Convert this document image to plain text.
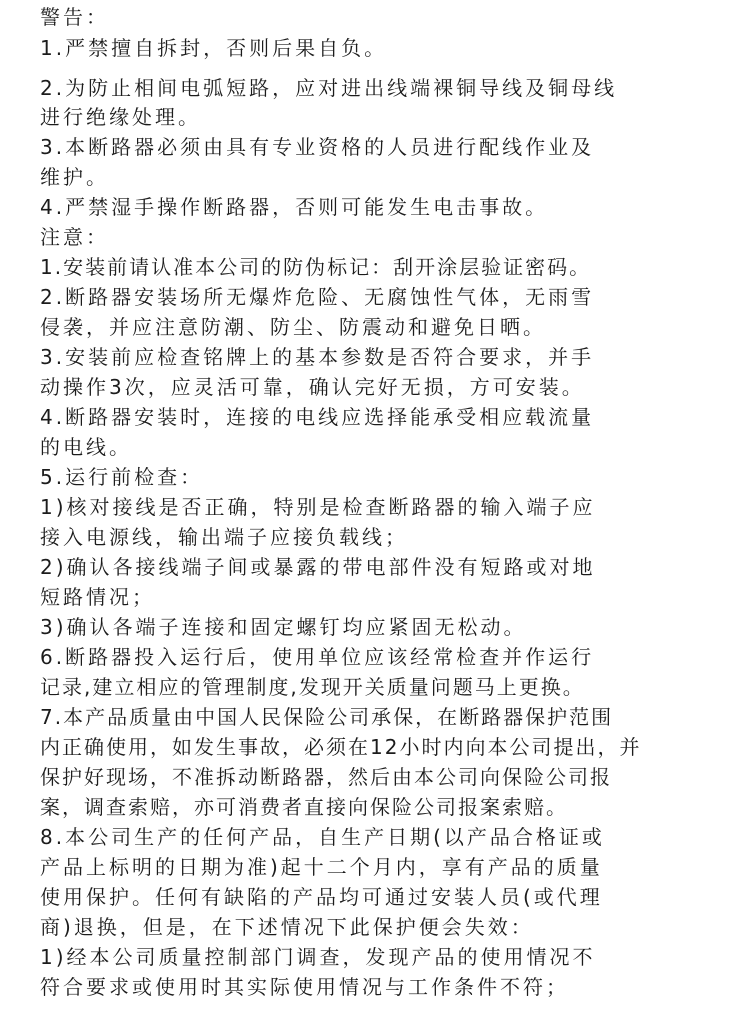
警告：
1.严禁擅自拆封，否则后果自负。
2.为防止相间电弧短路，应对进出线端裸铜导线及铜母线
进行绝缘处理。
3.本断路器必须由具有专业资格的人员进行配线作业及
维护。
4.严禁湿手操作断路器，否则可能发生电击事故。
注意：
1.安装前请认准本公司的防伪标记：刮开涂层验证密码。
2.断路器安装场所无爆炸危险、无腐蚀性气体，无雨雪
侵袭，并应注意防潮、防尘、防震动和避免日晒。
3.安装前应检查铭牌上的基本参数是否符合要求，并手
动操作3次，应灵活可靠，确认完好无损，方可安装。
4.断路器安装时，连接的电线应选择能承受相应载流量
的电线。
5.运行前检查：
1)核对接线是否正确，特别是检查断路器的输入端子应
接入电源线，输出端子应接负载线；
2)确认各接线端子间或暴露的带电部件没有短路或对地
短路情况；
3)确认各端子连接和固定螺钉均应紧固无松动。
6.断路器投入运行后，使用单位应该经常检查并作运行
记录,建立相应的管理制度,发现开关质量问题马上更换。
7.本产品质量由中国人民保险公司承保，在断路器保护范围
内正确使用，如发生事故，必须在12小时内向本公司提出，并
保护好现场，不准拆动断路器，然后由本公司向保险公司报
案，调查索赔，亦可消费者直接向保险公司报案索赔。
8.本公司生产的任何产品，自生产日期(以产品合格证或
产品上标明的日期为准)起十二个月内，享有产品的质量
使用保护。任何有缺陷的产品均可通过安装人员(或代理
商)退换，但是，在下述情况下此保护便会失效：
1)经本公司质量控制部门调查，发现产品的使用情况不
符合要求或使用时其实际使用情况与工作条件不符；
